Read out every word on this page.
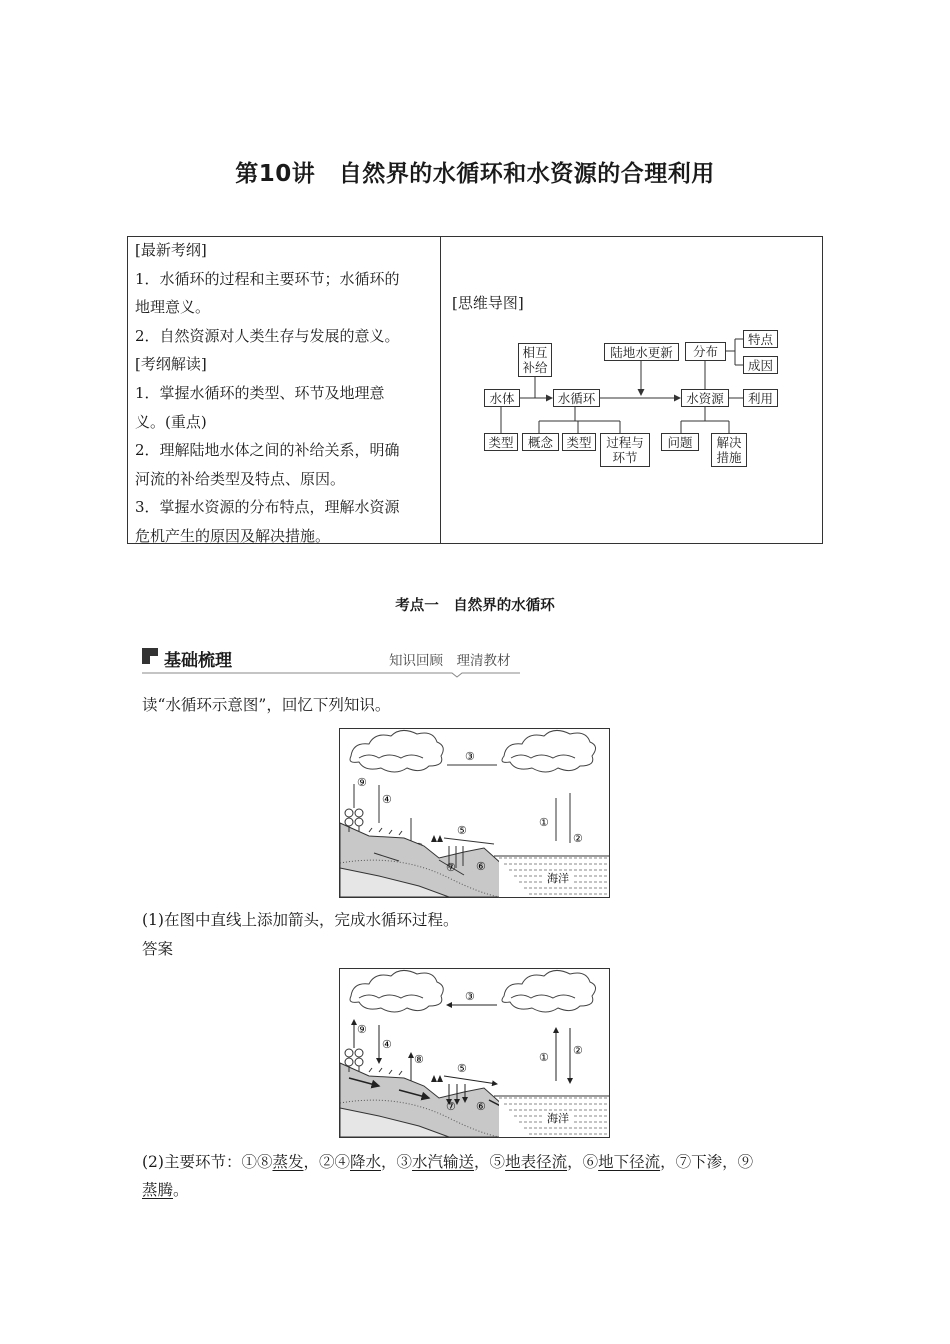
第10讲　自然界的水循环和水资源的合理利用
[最新考纲]
1．水循环的过程和主要环节；水循环的
地理意义。
2．自然资源对人类生存与发展的意义。
[考纲解读]
1．掌握水循环的类型、环节及地理意
义。(重点)
2．理解陆地水体之间的补给关系，明确
河流的补给类型及特点、原因。
3．掌握水资源的分布特点，理解水资源
危机产生的原因及解决措施。
[思维导图]
相互
补给
陆地水更新	分布
特点
成因
水体	水循环	水资源	利用
类型	概念	类型	过程与
环节
问题	解决
措施
考点一　自然界的水循环
基础梳理	知识回顾　理清教材
读“水循环示意图”，回忆下列知识。
③
①
②
⑨
④
⑤
⑦ ⑥
海洋
(1)在图中直线上添加箭头，完成水循环过程。
答案
③
①
②
⑨
④
⑧
⑤
⑦ ⑥
海洋
(2)主要环节：①⑧蒸发，②④降水，③水汽输送，⑤地表径流，⑥地下径流，⑦下渗，⑨
蒸腾。
